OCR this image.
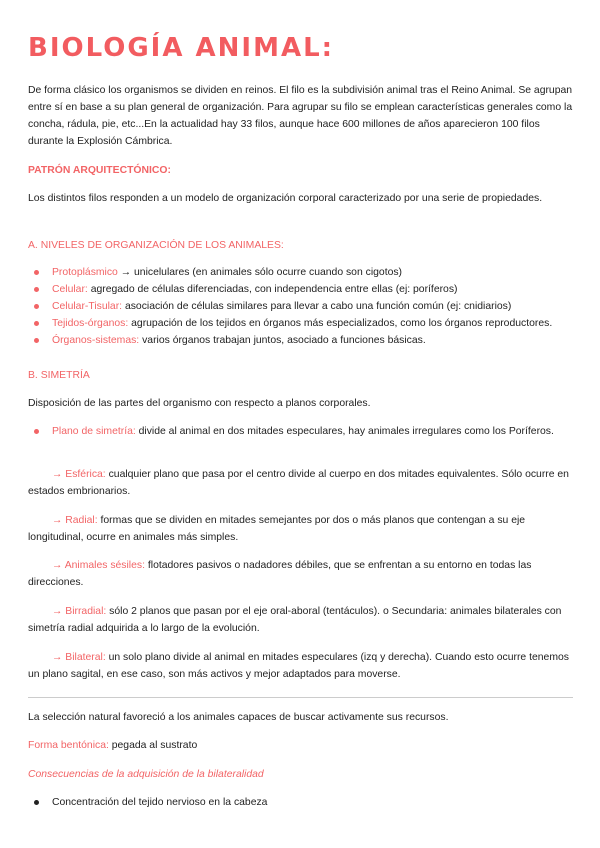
BIOLOGÍA ANIMAL:

De forma clásico los organismos se dividen en reinos. El filo es la subdivisión animal tras el Reino Animal. Se agrupan entre sí en base a su plan general de organización. Para agrupar su filo se emplean características generales como la concha, rádula, pie, etc...En la actualidad hay 33 filos, aunque hace 600 millones de años aparecieron 100 filos durante la Explosión Cámbrica.

PATRÓN ARQUITECTÓNICO:

Los distintos filos responden a un modelo de organización corporal caracterizado por una serie de propiedades.

A. NIVELES DE ORGANIZACIÓN DE LOS ANIMALES:

Protoplásmico → unicelulares (en animales sólo ocurre cuando son cigotos)
Celular: agregado de células diferenciadas, con independencia entre ellas (ej: poríferos)
Celular-Tisular: asociación de células similares para llevar a cabo una función común (ej: cnidiarios)
Tejidos-órganos: agrupación de los tejidos en órganos más especializados, como los órganos reproductores.
Órganos-sistemas: varios órganos trabajan juntos, asociado a funciones básicas.

B. SIMETRÍA

Disposición de las partes del organismo con respecto a planos corporales.

Plano de simetría: divide al animal en dos mitades especulares, hay animales irregulares como los Poríferos.

→ Esférica: cualquier plano que pasa por el centro divide al cuerpo en dos mitades equivalentes. Sólo ocurre en estados embrionarios.

→ Radial: formas que se dividen en mitades semejantes por dos o más planos que contengan a su eje longitudinal, ocurre en animales más simples.

→ Animales sésiles: flotadores pasivos o nadadores débiles, que se enfrentan a su entorno en todas las direcciones.

→ Birradial: sólo 2 planos que pasan por el eje oral-aboral (tentáculos). o Secundaria: animales bilaterales con simetría radial adquirida a lo largo de la evolución.

→ Bilateral: un solo plano divide al animal en mitades especulares (izq y derecha). Cuando esto ocurre tenemos un plano sagital, en ese caso, son más activos y mejor adaptados para moverse.

La selección natural favoreció a los animales capaces de buscar activamente sus recursos.

Forma bentónica: pegada al sustrato

Consecuencias de la adquisición de la bilateralidad

Concentración del tejido nervioso en la cabeza
